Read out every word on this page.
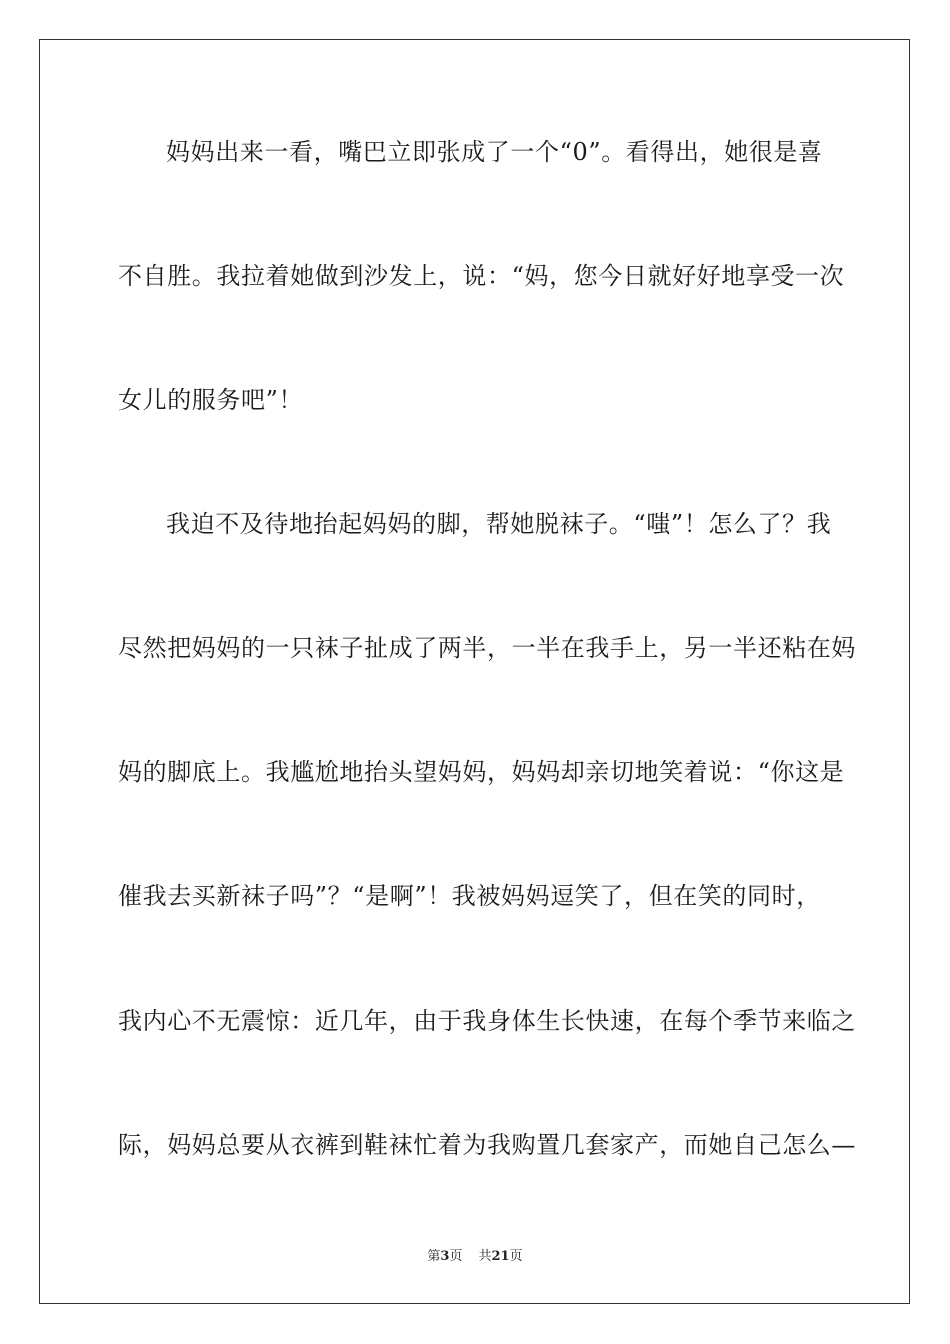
妈妈出来一看，嘴巴立即张成了一个“0”。看得出，她很是喜
不自胜。我拉着她做到沙发上，说：“妈，您今日就好好地享受一次
女儿的服务吧”！
我迫不及待地抬起妈妈的脚，帮她脱袜子。“嗤”！怎么了？我
尽然把妈妈的一只袜子扯成了两半，一半在我手上，另一半还粘在妈
妈的脚底上。我尴尬地抬头望妈妈，妈妈却亲切地笑着说：“你这是
催我去买新袜子吗”？“是啊”！我被妈妈逗笑了，但在笑的同时，
我内心不无震惊：近几年，由于我身体生长快速，在每个季节来临之
际，妈妈总要从衣裤到鞋袜忙着为我购置几套家产，而她自己怎么—
第3页 共21页
